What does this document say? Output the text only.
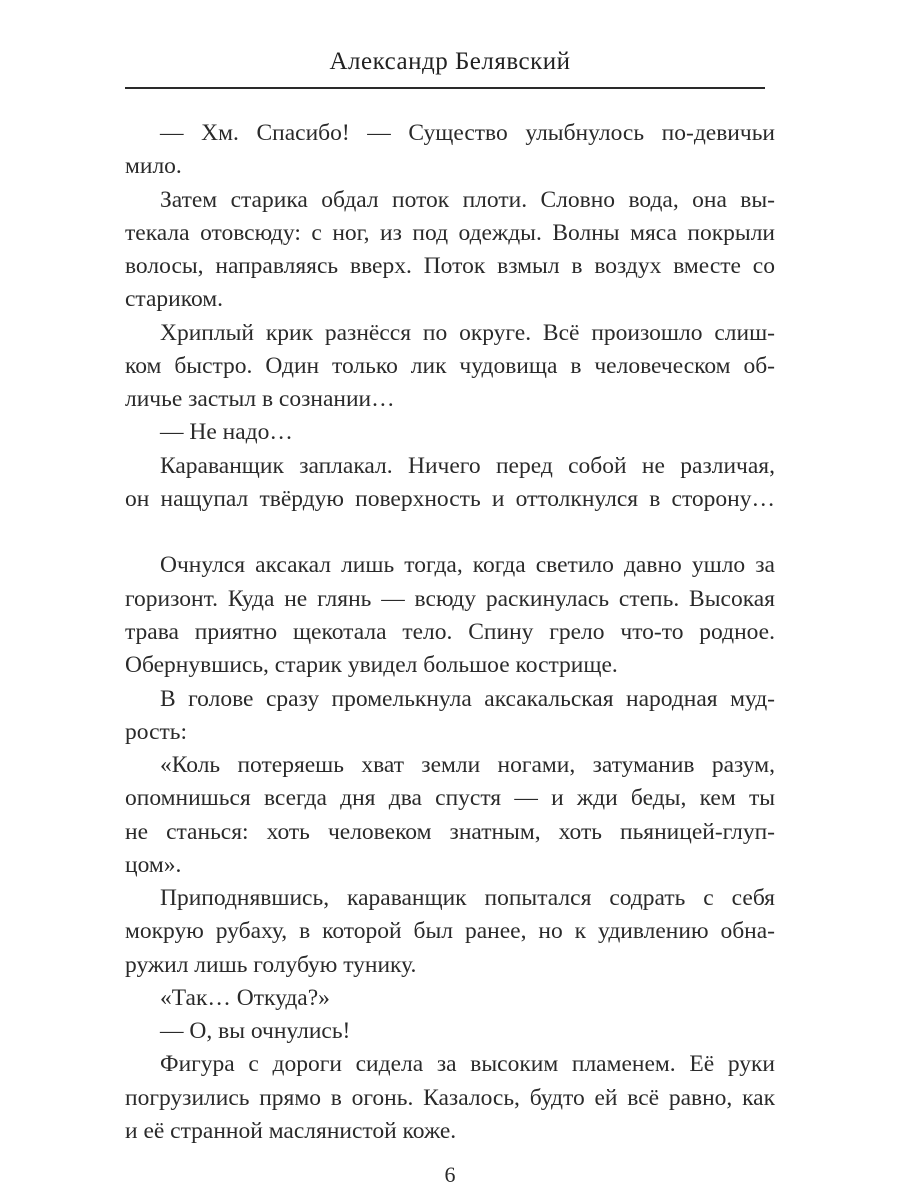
Александр Белявский
— Хм. Спасибо! — Существо улыбнулось по-девичьи
мило.
Затем старика обдал поток плоти. Словно вода, она вы-
текала отовсюду: с ног, из под одежды. Волны мяса покрыли
волосы, направляясь вверх. Поток взмыл в воздух вместе со
стариком.
Хриплый крик разнёсся по округе. Всё произошло слиш-
ком быстро. Один только лик чудовища в человеческом об-
личье застыл в сознании…
— Не надо…
Караванщик заплакал. Ничего перед собой не различая,
он нащупал твёрдую поверхность и оттолкнулся в сторону…
Очнулся аксакал лишь тогда, когда светило давно ушло за
горизонт. Куда не глянь — всюду раскинулась степь. Высокая
трава приятно щекотала тело. Спину грело что-то родное.
Обернувшись, старик увидел большое кострище.
В голове сразу промелькнула аксакальская народная муд-
рость:
«Коль потеряешь хват земли ногами, затуманив разум,
опомнишься всегда дня два спустя — и жди беды, кем ты
не станься: хоть человеком знатным, хоть пьяницей-глуп-
цом».
Приподнявшись, караванщик попытался содрать с себя
мокрую рубаху, в которой был ранее, но к удивлению обна-
ружил лишь голубую тунику.
«Так… Откуда?»
— О, вы очнулись!
Фигура с дороги сидела за высоким пламенем. Её руки
погрузились прямо в огонь. Казалось, будто ей всё равно, как
и её странной маслянистой коже.
6
